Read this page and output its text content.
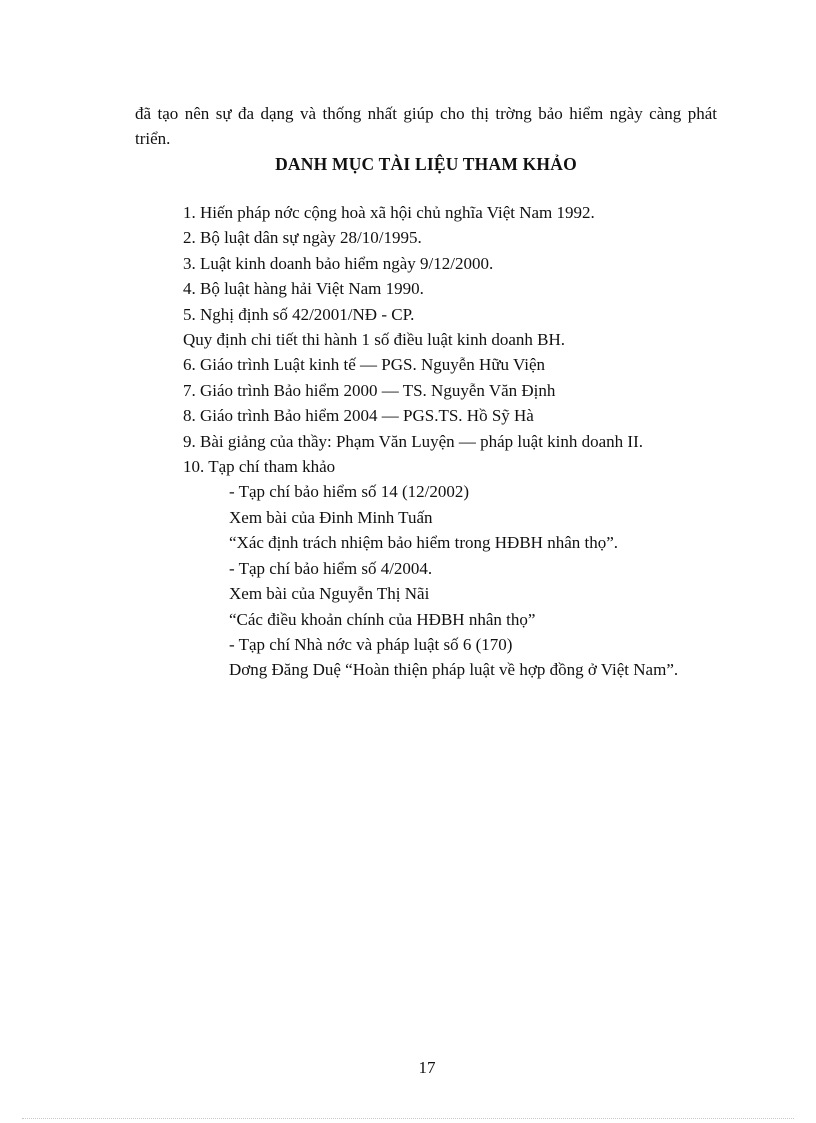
đã tạo nên sự đa dạng và thống nhất giúp cho thị trờng bảo hiểm ngày càng phát triển.

DANH MỤC TÀI LIỆU THAM KHẢO
1. Hiến pháp nớc cộng hoà xã hội chủ nghĩa Việt Nam 1992.
2. Bộ luật dân sự ngày 28/10/1995.
3. Luật kinh doanh bảo hiểm ngày 9/12/2000.
4. Bộ luật hàng hải Việt Nam 1990.
5. Nghị định số 42/2001/NĐ - CP.
Quy định chi tiết thi hành 1 số điều luật kinh doanh BH.
6. Giáo trình Luật kinh tế — PGS. Nguyễn Hữu Viện
7. Giáo trình Bảo hiểm 2000 — TS. Nguyễn Văn Định
8. Giáo trình Bảo hiểm 2004 — PGS.TS. Hồ Sỹ Hà
9. Bài giảng của thầy: Phạm Văn Luyện — pháp luật kinh doanh II.
10. Tạp chí tham khảo
- Tạp chí bảo hiểm số 14 (12/2002)
Xem bài của Đinh Minh Tuấn
“Xác định trách nhiệm bảo hiểm trong HĐBH nhân thọ”.
- Tạp chí bảo hiểm số 4/2004.
Xem bài của Nguyễn Thị Nãi
“Các điều khoản chính của HĐBH nhân thọ”
- Tạp chí Nhà nớc và pháp luật số 6 (170)
Dơng Đăng Duệ “Hoàn thiện pháp luật về hợp đồng ở Việt Nam”.
17
